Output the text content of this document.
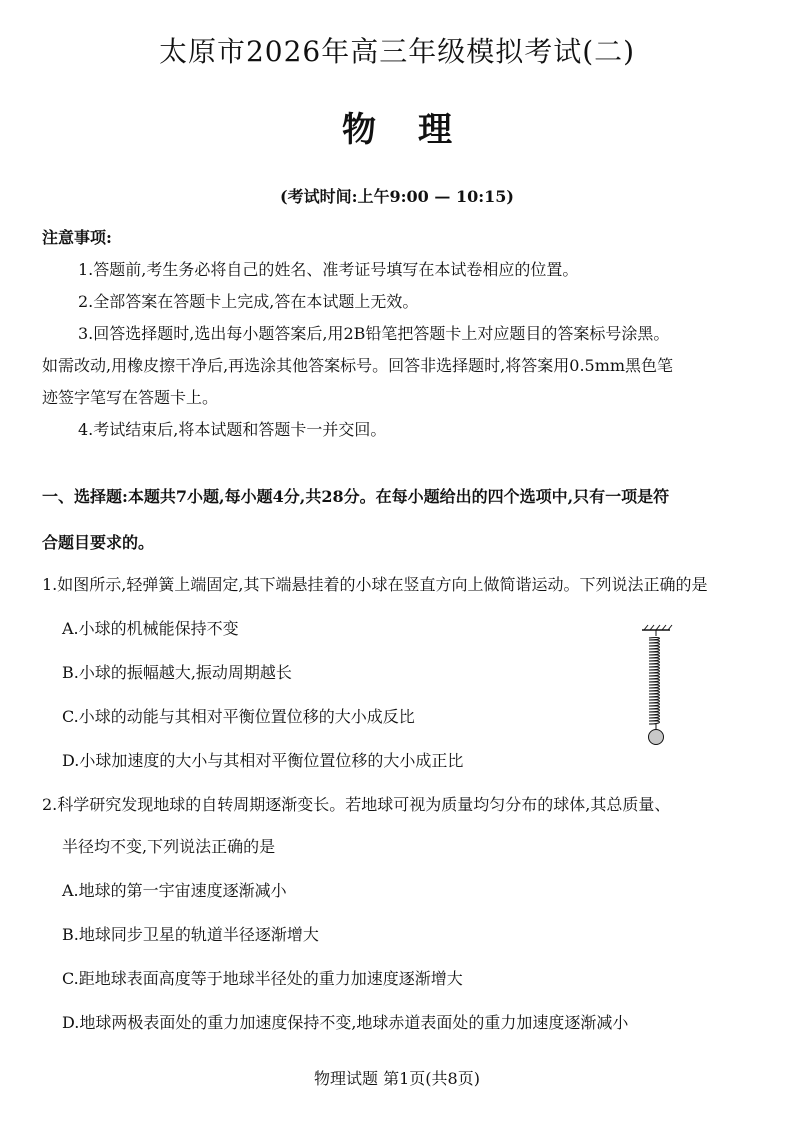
太原市2026年高三年级模拟考试(二)
物理
(考试时间:上午9:00 — 10:15)
注意事项:
1.答题前,考生务必将自己的姓名、准考证号填写在本试卷相应的位置。
2.全部答案在答题卡上完成,答在本试题上无效。
3.回答选择题时,选出每小题答案后,用2B铅笔把答题卡上对应题目的答案标号涂黑。
如需改动,用橡皮擦干净后,再选涂其他答案标号。回答非选择题时,将答案用0.5mm黑色笔
迹签字笔写在答题卡上。
4.考试结束后,将本试题和答题卡一并交回。
一、选择题:本题共7小题,每小题4分,共28分。在每小题给出的四个选项中,只有一项是符
合题目要求的。
1.如图所示,轻弹簧上端固定,其下端悬挂着的小球在竖直方向上做简谐运动。下列说法正确的是
A.小球的机械能保持不变
B.小球的振幅越大,振动周期越长
C.小球的动能与其相对平衡位置位移的大小成反比
D.小球加速度的大小与其相对平衡位置位移的大小成正比
2.科学研究发现地球的自转周期逐渐变长。若地球可视为质量均匀分布的球体,其总质量、
半径均不变,下列说法正确的是
A.地球的第一宇宙速度逐渐减小
B.地球同步卫星的轨道半径逐渐增大
C.距地球表面高度等于地球半径处的重力加速度逐渐增大
D.地球两极表面处的重力加速度保持不变,地球赤道表面处的重力加速度逐渐减小
物理试题 第1页(共8页)
